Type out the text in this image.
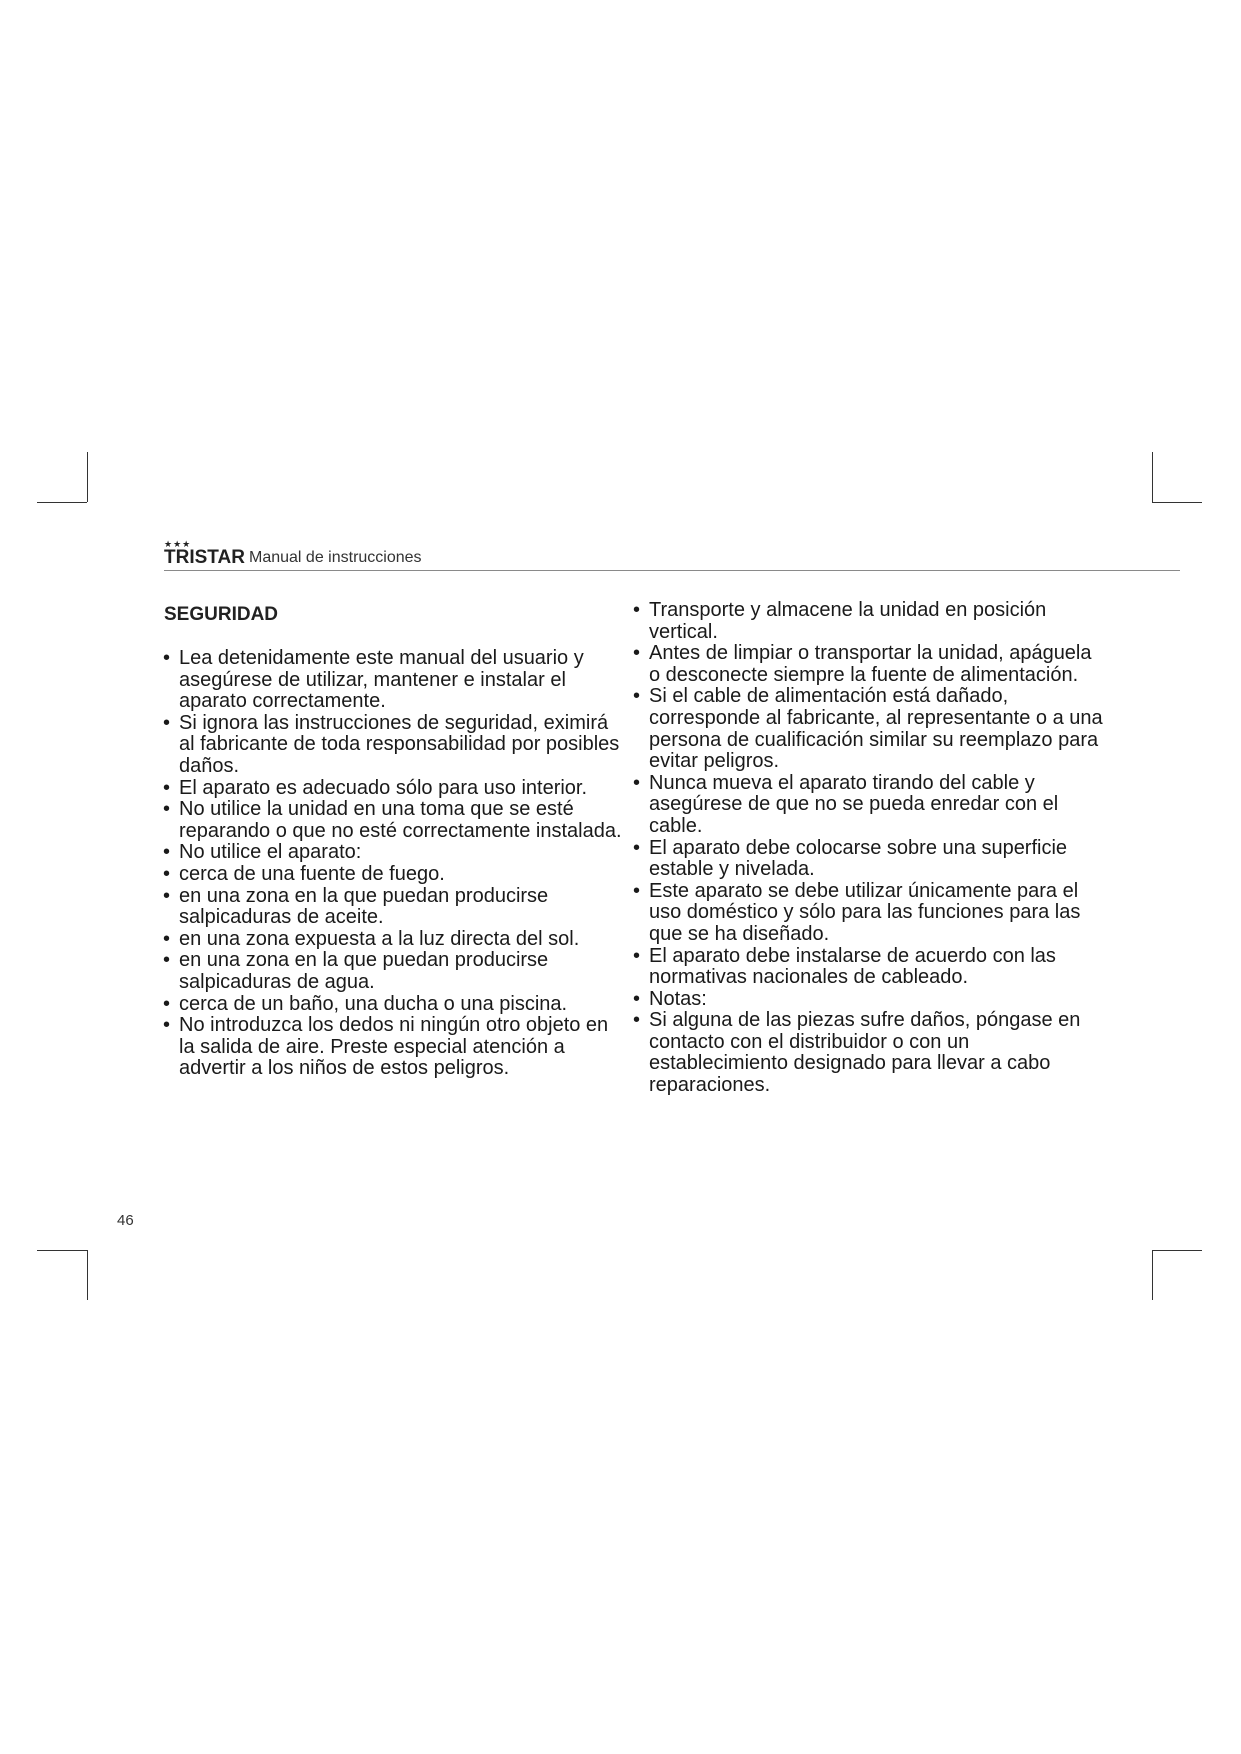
★★★
TRISTAR Manual de instrucciones
SEGURIDAD
• Lea detenidamente este manual del usuario y asegúrese de utilizar, mantener e instalar el aparato correctamente.
• Si ignora las instrucciones de seguridad, eximirá al fabricante de toda responsabilidad por posibles daños.
• El aparato es adecuado sólo para uso interior.
• No utilice la unidad en una toma que se esté reparando o que no esté correctamente instalada.
• No utilice el aparato:
• cerca de una fuente de fuego.
• en una zona en la que puedan producirse salpicaduras de aceite.
• en una zona expuesta a la luz directa del sol.
• en una zona en la que puedan producirse salpicaduras de agua.
• cerca de un baño, una ducha o una piscina.
• No introduzca los dedos ni ningún otro objeto en la salida de aire. Preste especial atención a advertir a los niños de estos peligros.
• Transporte y almacene la unidad en posición vertical.
• Antes de limpiar o transportar la unidad, apáguela o desconecte siempre la fuente de alimentación.
• Si el cable de alimentación está dañado, corresponde al fabricante, al representante o a una persona de cualificación similar su reemplazo para evitar peligros.
• Nunca mueva el aparato tirando del cable y asegúrese de que no se pueda enredar con el cable.
• El aparato debe colocarse sobre una superficie estable y nivelada.
• Este aparato se debe utilizar únicamente para el uso doméstico y sólo para las funciones para las que se ha diseñado.
• El aparato debe instalarse de acuerdo con las normativas nacionales de cableado.
• Notas:
• Si alguna de las piezas sufre daños, póngase en contacto con el distribuidor o con un establecimiento designado para llevar a cabo reparaciones.
46
